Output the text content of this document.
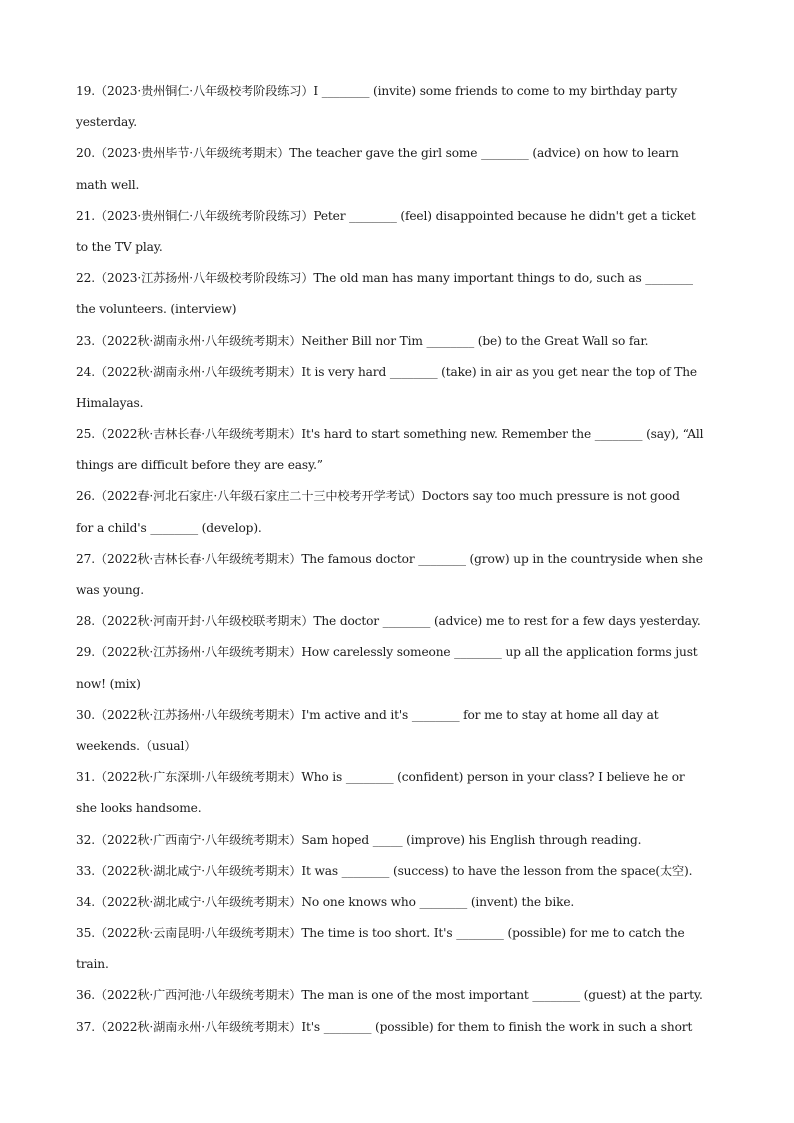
19.（2023·贵州铜仁·八年级校考阶段练习）I ________ (invite) some friends to come to my birthday party
yesterday.
20.（2023·贵州毕节·八年级统考期末）The teacher gave the girl some ________ (advice) on how to learn
math well.
21.（2023·贵州铜仁·八年级统考阶段练习）Peter ________ (feel) disappointed because he didn't get a ticket
to the TV play.
22.（2023·江苏扬州·八年级校考阶段练习）The old man has many important things to do, such as ________
the volunteers. (interview)
23.（2022秋·湖南永州·八年级统考期末）Neither Bill nor Tim ________ (be) to the Great Wall so far.
24.（2022秋·湖南永州·八年级统考期末）It is very hard ________ (take) in air as you get near the top of The
Himalayas.
25.（2022秋·吉林长春·八年级统考期末）It's hard to start something new. Remember the ________ (say), “All
things are difficult before they are easy.”
26.（2022春·河北石家庄·八年级石家庄二十三中校考开学考试）Doctors say too much pressure is not good
for a child's ________ (develop).
27.（2022秋·吉林长春·八年级统考期末）The famous doctor ________ (grow) up in the countryside when she
was young.
28.（2022秋·河南开封·八年级校联考期末）The doctor ________ (advice) me to rest for a few days yesterday.
29.（2022秋·江苏扬州·八年级统考期末）How carelessly someone ________ up all the application forms just
now! (mix)
30.（2022秋·江苏扬州·八年级统考期末）I'm active and it's ________ for me to stay at home all day at
weekends.（usual）
31.（2022秋·广东深圳·八年级统考期末）Who is ________ (confident) person in your class? I believe he or
she looks handsome.
32.（2022秋·广西南宁·八年级统考期末）Sam hoped _____ (improve) his English through reading.
33.（2022秋·湖北咸宁·八年级统考期末）It was ________ (success) to have the lesson from the space(太空).
34.（2022秋·湖北咸宁·八年级统考期末）No one knows who ________ (invent) the bike.
35.（2022秋·云南昆明·八年级统考期末）The time is too short. It's ________ (possible) for me to catch the
train.
36.（2022秋·广西河池·八年级统考期末）The man is one of the most important ________ (guest) at the party.
37.（2022秋·湖南永州·八年级统考期末）It's ________ (possible) for them to finish the work in such a short
